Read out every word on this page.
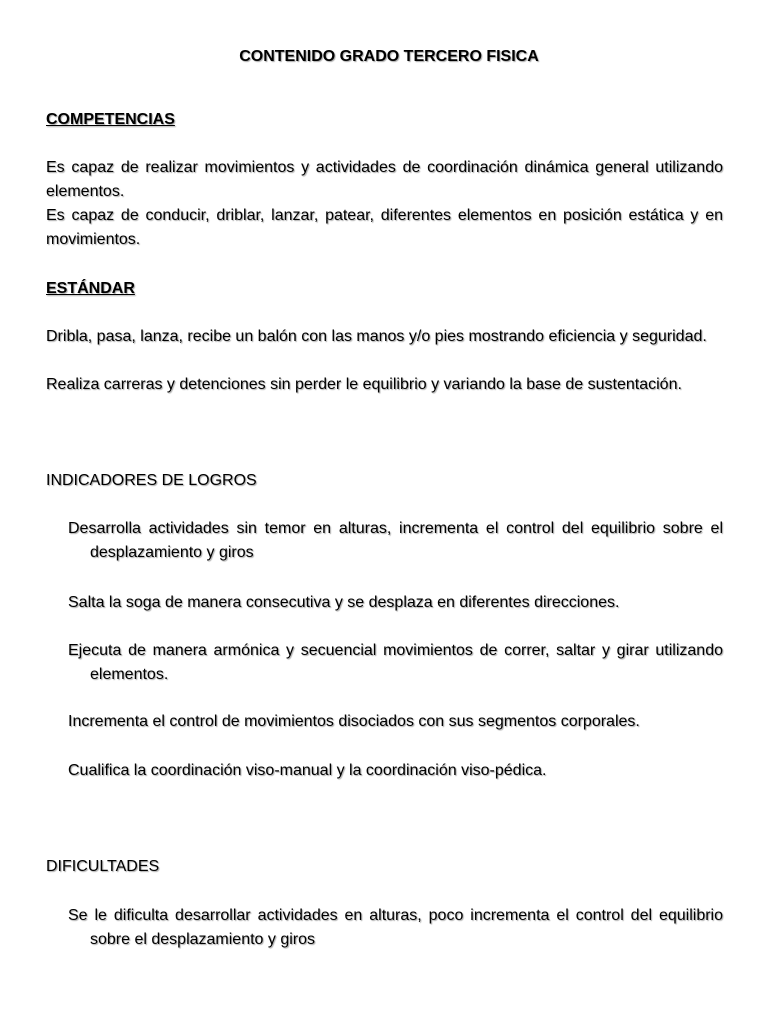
CONTENIDO GRADO TERCERO FISICA

COMPETENCIAS

Es capaz de realizar movimientos y actividades de coordinación dinámica general utilizando elementos.

Es capaz de conducir, driblar, lanzar, patear, diferentes elementos en posición estática y en movimientos.

ESTÁNDAR

Dribla, pasa, lanza, recibe un balón con las manos y/o pies mostrando eficiencia y seguridad.

Realiza carreras y detenciones sin perder le equilibrio y variando la base de sustentación.

INDICADORES DE LOGROS

Desarrolla actividades sin temor en alturas, incrementa el control del equilibrio sobre el desplazamiento y giros

Salta la soga de manera consecutiva y se desplaza en diferentes direcciones.

Ejecuta de manera armónica y secuencial movimientos de correr, saltar y girar utilizando elementos.

Incrementa el control de movimientos disociados con sus segmentos corporales.

Cualifica la coordinación viso-manual y la coordinación viso-pédica.

DIFICULTADES

Se le dificulta desarrollar actividades en alturas, poco incrementa el control del equilibrio sobre el desplazamiento y giros
